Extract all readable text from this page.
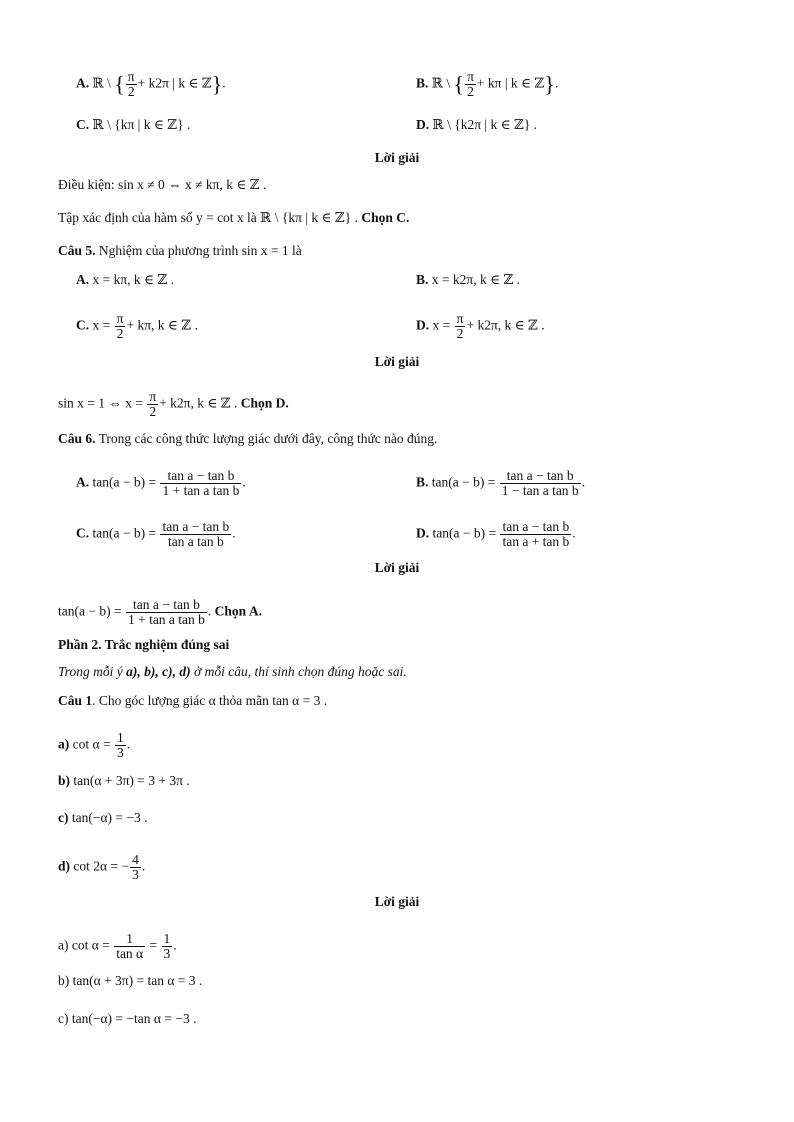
A. ℝ \ { $\frac{\pi}{2} + k2\pi$ | k ∈ ℤ}.	B. ℝ \ { $\frac{\pi}{2} + k\pi$ | k ∈ ℤ}.
C. ℝ \ {kπ | k ∈ ℤ} .	D. ℝ \ {k2π | k ∈ ℤ} .
Lời giải
Điều kiện: sin x ≠ 0 ⇔ x ≠ kπ, k ∈ ℤ .
Tập xác định của hàm số y = cot x là ℝ \ {kπ | k ∈ ℤ} . Chọn C.
Câu 5. Nghiệm của phương trình sin x = 1 là
A. x = kπ, k ∈ ℤ .	B. x = k2π, k ∈ ℤ .
C. $x = \frac{\pi}{2} + k\pi$, k ∈ ℤ .	D. $x = \frac{\pi}{2} + k2\pi$, k ∈ ℤ .
Lời giải
sin x = 1 ⇔ $x = \frac{\pi}{2} + k2\pi$, k ∈ ℤ . Chọn D.
Câu 6. Trong các công thức lượng giác dưới đây, công thức nào đúng.
A. $\tan(a - b) = \frac{\text{tan a − tan b}}{\text{1 + tan a tan b}}$ .	B. $\tan(a - b) = \frac{\text{tan a − tan b}}{\text{1 − tan a tan b}}$ .
C. $\tan(a - b) = \frac{\text{tan a − tan b}}{\text{tan a tan b}}$ .	D. $\tan(a - b) = \frac{\text{tan a − tan b}}{\text{tan a + tan b}}$ .
Lời giải
$\tan(a - b) = \frac{\text{tan a − tan b}}{\text{1 + tan a tan b}}$ . Chọn A.
Phần 2. Trắc nghiệm đúng sai
Trong mỗi ý a), b), c), d) ở mỗi câu, thí sinh chọn đúng hoặc sai.
Câu 1. Cho góc lượng giác α thỏa mãn tan α = 3 .
a) $\cot \alpha = \frac{1}{3}$ .
b) tan(α + 3π) = 3 + 3π .
c) tan(−α) = −3 .
d) cot 2α = − $\frac{4}{3}$ .
Lời giải
a) $\cot \alpha = \frac{1}{\text{tan α}} = \frac{1}{3}$ .
b) tan(α + 3π) = tan α = 3 .
c) tan(−α) = −tan α = −3 .
